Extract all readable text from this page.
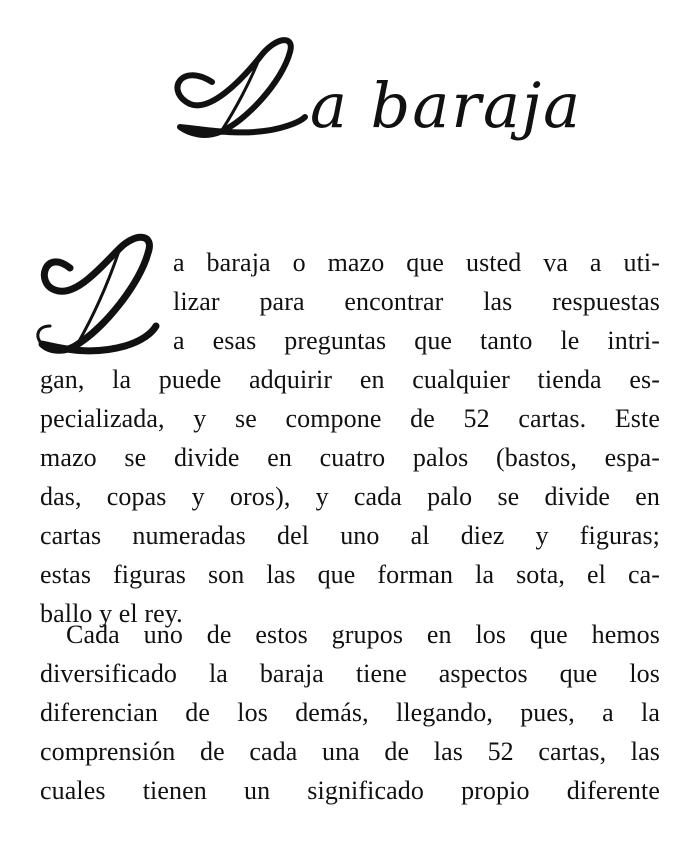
a baraja
a baraja o mazo que usted va a uti-
lizar para encontrar las respuestas
a esas preguntas que tanto le intri-
gan, la puede adquirir en cualquier tienda es-
pecializada, y se compone de 52 cartas. Este
mazo se divide en cuatro palos (bastos, espa-
das, copas y oros), y cada palo se divide en
cartas numeradas del uno al diez y figuras;
estas figuras son las que forman la sota, el ca-
ballo y el rey.
Cada uno de estos grupos en los que hemos
diversificado la baraja tiene aspectos que los
diferencian de los demás, llegando, pues, a la
comprensión de cada una de las 52 cartas, las
cuales tienen un significado propio diferente
